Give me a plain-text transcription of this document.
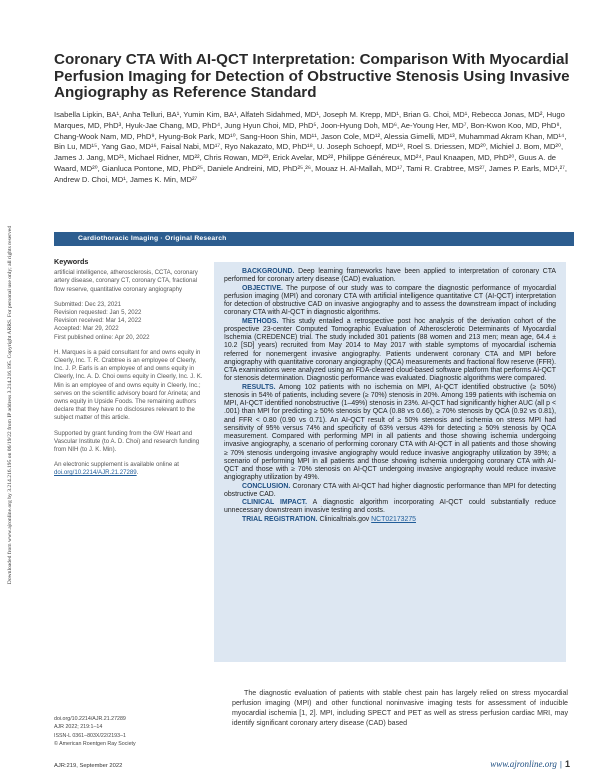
Downloaded from www.ajronline.org by 3.214.216.195 on 06/19/22 from IP address 3.214.216.195. Copyright ARRS. For personal use only; all rights reserved
Coronary CTA With AI-QCT Interpretation: Comparison With Myocardial Perfusion Imaging for Detection of Obstructive Stenosis Using Invasive Angiography as Reference Standard
Isabella Lipkin, BA¹, Anha Telluri, BA¹, Yumin Kim, BA¹, Alfateh Sidahmed, MD¹, Joseph M. Krepp, MD¹, Brian G. Choi, MD¹, Rebecca Jonas, MD², Hugo Marques, MD, PhD³, Hyuk-Jae Chang, MD, PhD⁴, Jung Hyun Choi, MD, PhD⁵, Joon-Hyung Doh, MD⁶, Ae-Young Her, MD⁷, Bon-Kwon Koo, MD, PhD⁸, Chang-Wook Nam, MD, PhD⁹, Hyung-Bok Park, MD¹⁰, Sang-Hoon Shin, MD¹¹, Jason Cole, MD¹², Alessia Gimelli, MD¹³, Muhammad Akram Khan, MD¹⁴, Bin Lu, MD¹⁵, Yang Gao, MD¹⁶, Faisal Nabi, MD¹⁷, Ryo Nakazato, MD, PhD¹⁸, U. Joseph Schoepf, MD¹⁹, Roel S. Driessen, MD²⁰, Michiel J. Bom, MD²⁰, James J. Jang, MD²¹, Michael Ridner, MD²², Chris Rowan, MD²³, Erick Avelar, MD²², Philippe Généreux, MD²⁴, Paul Knaapen, MD, PhD²⁰, Guus A. de Waard, MD²⁰, Gianluca Pontone, MD, PhD²⁵, Daniele Andreini, MD, PhD²⁵,²⁶, Mouaz H. Al-Mallah, MD¹⁷, Tami R. Crabtree, MS²⁷, James P. Earls, MD¹,²⁷, Andrew D. Choi, MD¹, James K. Min, MD²⁷
Cardiothoracic Imaging · Original Research
Keywords

artificial intelligence, atherosclerosis, CCTA, coronary artery disease, coronary CT, coronary CTA, fractional flow reserve, quantitative coronary angiography

Submitted: Dec 23, 2021
Revision requested: Jan 5, 2022
Revision received: Mar 14, 2022
Accepted: Mar 29, 2022
First published online: Apr 20, 2022

H. Marques is a paid consultant for and owns equity in Cleerly, Inc. T. R. Crabtree is an employee of Cleerly, Inc. J. P. Earls is an employee of and owns equity in Cleerly, Inc. A. D. Choi owns equity in Cleerly, Inc. J. K. Min is an employee of and owns equity in Cleerly, Inc.; serves on the scientific advisory board for Arineta; and owns equity in Upside Foods. The remaining authors declare that they have no disclosures relevant to the subject matter of this article.

Supported by grant funding from the GW Heart and Vascular Institute (to A. D. Choi) and research funding from NIH (to J. K. Min).

An electronic supplement is available online at doi.org/10.2214/AJR.21.27289.

doi.org/10.2214/AJR.21.27289
AJR 2022; 219:1–14
ISSN-L 0361–803X/22/2193–1
© American Roentgen Ray Society

BACKGROUND. Deep learning frameworks have been applied to interpretation of coronary CTA performed for coronary artery disease (CAD) evaluation.

OBJECTIVE. The purpose of our study was to compare the diagnostic performance of myocardial perfusion imaging (MPI) and coronary CTA with artificial intelligence quantitative CT (AI-QCT) interpretation for detection of obstructive CAD on invasive angiography and to assess the downstream impact of including coronary CTA with AI-QCT in diagnostic algorithms.

METHODS. This study entailed a retrospective post hoc analysis of the derivation cohort of the prospective 23-center Computed Tomographic Evaluation of Atherosclerotic Determinants of Myocardial Ischemia (CREDENCE) trial. The study included 301 patients (88 women and 213 men; mean age, 64.4 ± 10.2 [SD] years) recruited from May 2014 to May 2017 with stable symptoms of myocardial ischemia referred for nonemergent invasive angiography. Patients underwent coronary CTA and MPI before angiography with quantitative coronary angiography (QCA) measurements and fractional flow reserve (FFR). CTA examinations were analyzed using an FDA-cleared cloud-based software platform that performs AI-QCT for stenosis determination. Diagnostic performance was evaluated. Diagnostic algorithms were compared.

RESULTS. Among 102 patients with no ischemia on MPI, AI-QCT identified obstructive (≥ 50%) stenosis in 54% of patients, including severe (≥ 70%) stenosis in 20%. Among 199 patients with ischemia on MPI, AI-QCT identified nonobstructive (1–49%) stenosis in 23%. AI-QCT had significantly higher AUC (all p < .001) than MPI for predicting ≥ 50% stenosis by QCA (0.88 vs 0.66), ≥ 70% stenosis by QCA (0.92 vs 0.81), and FFR < 0.80 (0.90 vs 0.71). An AI-QCT result of ≥ 50% stenosis and ischemia on stress MPI had sensitivity of 95% versus 74% and specificity of 63% versus 43% for detecting ≥ 50% stenosis by QCA measurement. Compared with performing MPI in all patients and those showing ischemia undergoing invasive angiography, a scenario of performing coronary CTA with AI-QCT in all patients and those showing ≥ 70% stenosis undergoing invasive angiography would reduce invasive angiography utilization by 39%; a scenario of performing MPI in all patients and those showing ischemia undergoing coronary CTA with AI-QCT and those with ≥ 70% stenosis on AI-QCT undergoing invasive angiography would reduce invasive angiography utilization by 49%.

CONCLUSION. Coronary CTA with AI-QCT had higher diagnostic performance than MPI for detecting obstructive CAD.

CLINICAL IMPACT. A diagnostic algorithm incorporating AI-QCT could substantially reduce unnecessary downstream invasive testing and costs.

TRIAL REGISTRATION. Clinicaltrials.gov NCT02173275

The diagnostic evaluation of patients with stable chest pain has largely relied on stress myocardial perfusion imaging (MPI) and other functional noninvasive imaging tests for assessment of inducible myocardial ischemia [1, 2]. MPI, including SPECT and PET as well as stress perfusion cardiac MRI, may identify significant coronary artery disease (CAD) based

AJR:219, September 2022	www.ajronline.org | 1
